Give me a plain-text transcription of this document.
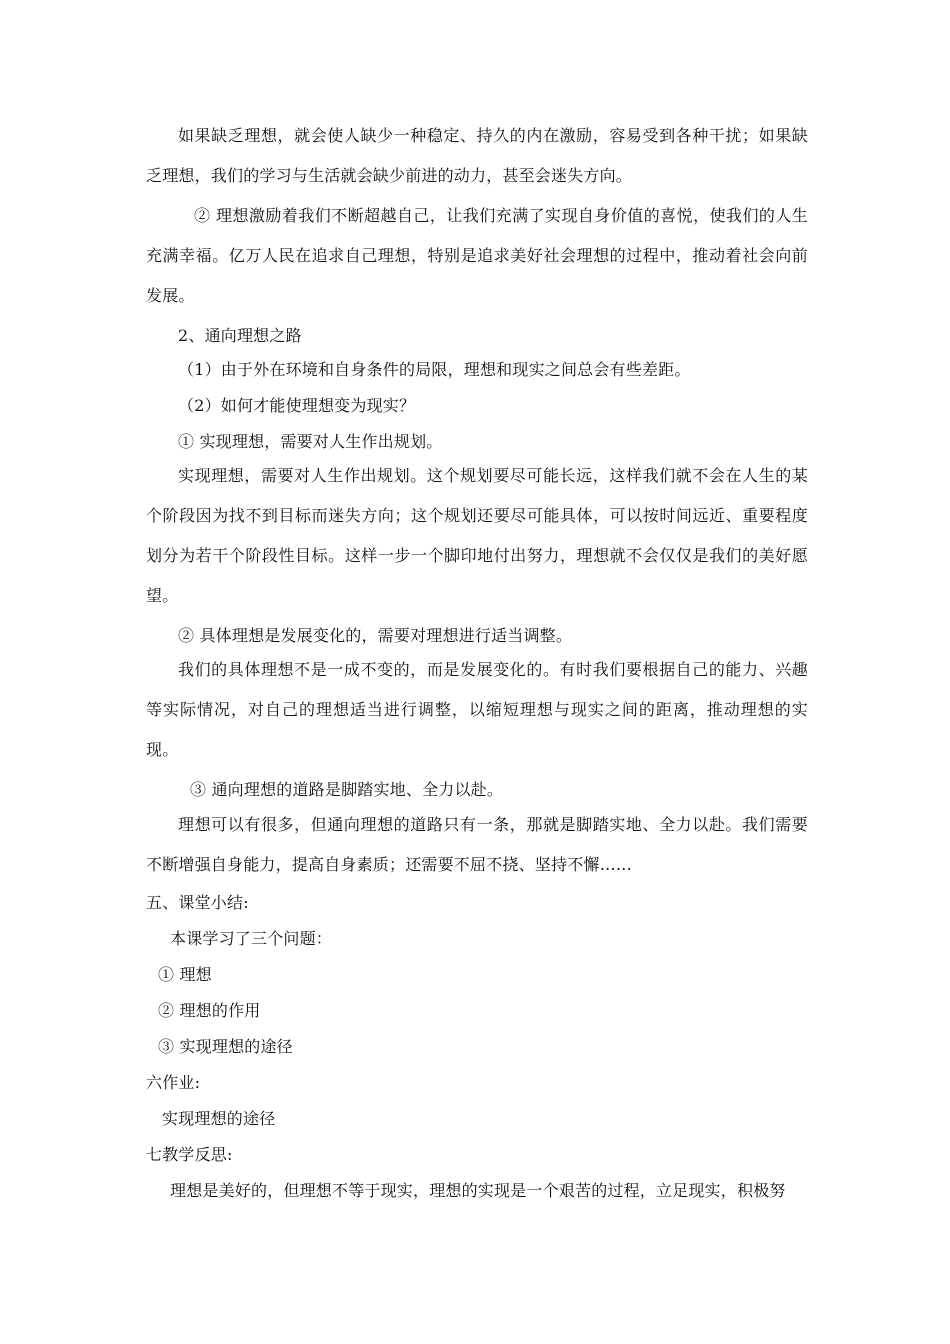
如果缺乏理想，就会使人缺少一种稳定、持久的内在激励，容易受到各种干扰；如果缺乏理想，我们的学习与生活就会缺少前进的动力，甚至会迷失方向。
② 理想激励着我们不断超越自己，让我们充满了实现自身价值的喜悦，使我们的人生充满幸福。亿万人民在追求自己理想，特别是追求美好社会理想的过程中，推动着社会向前发展。
2、通向理想之路
（1）由于外在环境和自身条件的局限，理想和现实之间总会有些差距。
（2）如何才能使理想变为现实？
① 实现理想，需要对人生作出规划。
实现理想，需要对人生作出规划。这个规划要尽可能长远，这样我们就不会在人生的某个阶段因为找不到目标而迷失方向；这个规划还要尽可能具体，可以按时间远近、重要程度划分为若干个阶段性目标。这样一步一个脚印地付出努力，理想就不会仅仅是我们的美好愿望。
② 具体理想是发展变化的，需要对理想进行适当调整。
我们的具体理想不是一成不变的，而是发展变化的。有时我们要根据自己的能力、兴趣等实际情况，对自己的理想适当进行调整，以缩短理想与现实之间的距离，推动理想的实现。
③ 通向理想的道路是脚踏实地、全力以赴。
理想可以有很多，但通向理想的道路只有一条，那就是脚踏实地、全力以赴。我们需要不断增强自身能力，提高自身素质；还需要不屈不挠、坚持不懈……
五、课堂小结:
本课学习了三个问题：
① 理想
② 理想的作用
③ 实现理想的途径
六作业:
实现理想的途径
七教学反思:
理想是美好的，但理想不等于现实，理想的实现是一个艰苦的过程，立足现实，积极努
